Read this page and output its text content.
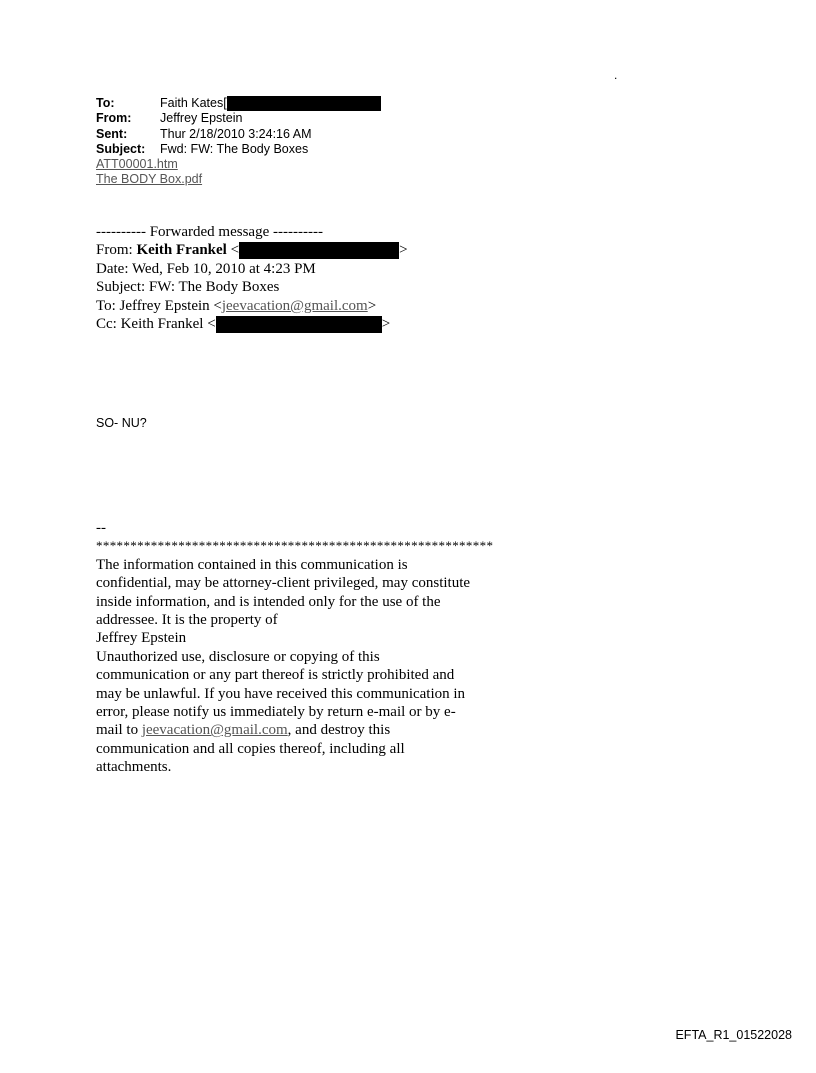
.
To:	Faith Kates[
From:	Jeffrey Epstein
Sent:	Thur 2/18/2010 3:24:16 AM
Subject:	Fwd: FW: The Body Boxes
ATT00001.htm
The BODY Box.pdf
---------- Forwarded message ----------
From: Keith Frankel <	>
Date: Wed, Feb 10, 2010 at 4:23 PM
Subject: FW: The Body Boxes
To: Jeffrey Epstein < jeevacation@gmail.com >
Cc: Keith Frankel <	>
SO- NU?
--
**********************************************************
The information contained in this communication is confidential, may be attorney-client privileged, may constitute inside information, and is intended only for the use of the addressee. It is the property of
Jeffrey Epstein
Unauthorized use, disclosure or copying of this communication or any part thereof is strictly prohibited and may be unlawful. If you have received this communication in error, please notify us immediately by return e-mail or by e-mail to jeevacation@gmail.com, and destroy this communication and all copies thereof, including all attachments.
EFTA_R1_01522028
